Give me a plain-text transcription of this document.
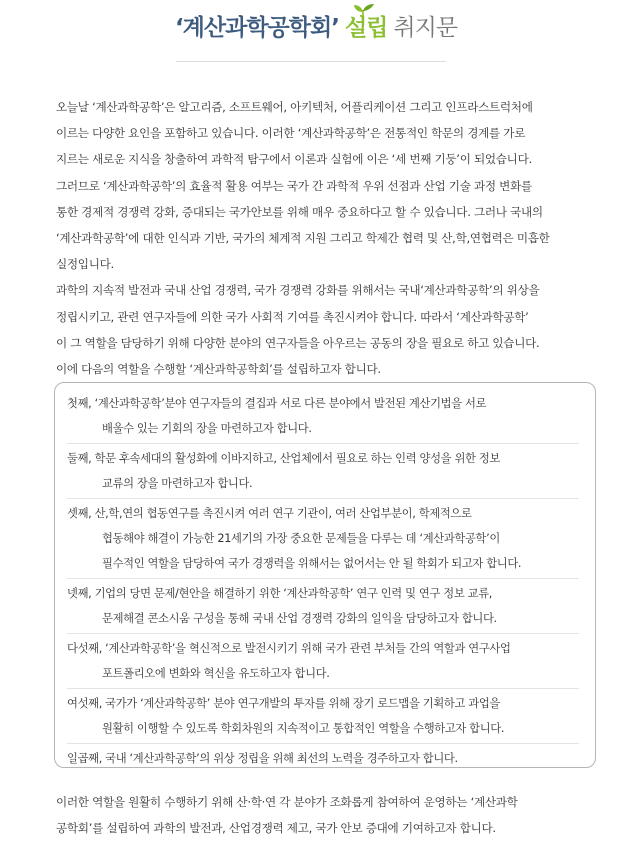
‘계산과학공학회’ 설립 취지문

오늘날 ‘계산과학공학’은 알고리즘, 소프트웨어, 아키텍처, 어플리케이션 그리고 인프라스트럭처에

이르는 다양한 요인을 포함하고 있습니다. 이러한 ‘계산과학공학’은 전통적인 학문의 경계를 가로

지르는 새로운 지식을 창출하여 과학적 탐구에서 이론과 실험에 이은 ‘세 번째 기둥’이 되었습니다.

그러므로 ‘계산과학공학’의 효율적 활용 여부는 국가 간 과학적 우위 선점과 산업 기술 과정 변화를

통한 경제적 경쟁력 강화, 증대되는 국가안보를 위해 매우 중요하다고 할 수 있습니다. 그러나 국내의

‘계산과학공학’에 대한 인식과 기반, 국가의 체계적 지원 그리고 학제간 협력 및 산,학,연협력은 미흡한

실정입니다.

과학의 지속적 발전과 국내 산업 경쟁력, 국가 경쟁력 강화를 위해서는 국내‘계산과학공학’의 위상을

정립시키고, 관련 연구자들에 의한 국가 사회적 기여를 촉진시켜야 합니다. 따라서 ‘계산과학공학’

이 그 역할을 담당하기 위해 다양한 분야의 연구자들을 아우르는 공동의 장을 필요로 하고 있습니다.

이에 다음의 역할을 수행할 ‘계산과학공학회’를 설립하고자 합니다.

첫째, ‘계산과학공학’분야 연구자들의 결집과 서로 다른 분야에서 발전된 계산기법을 서로
배울수 있는 기회의 장을 마련하고자 합니다.
둘째, 학문 후속세대의 활성화에 이바지하고, 산업체에서 필요로 하는 인력 양성을 위한 정보
교류의 장을 마련하고자 합니다.
셋째, 산,학,연의 협동연구를 촉진시켜 여러 연구 기관이, 여러 산업부분이, 학제적으로
협동해야 해결이 가능한 21세기의 가장 중요한 문제들을 다루는 데 ‘계산과학공학’이
필수적인 역할을 담당하여 국가 경쟁력을 위해서는 없어서는 안 될 학회가 되고자 합니다.
넷째, 기업의 당면 문제/현안을 해결하기 위한 ‘계산과학공학’ 연구 인력 및 연구 정보 교류,
문제해결 콘소시움 구성을 통해 국내 산업 경쟁력 강화의 일익을 담당하고자 합니다.
다섯째, ‘계산과학공학’을 혁신적으로 발전시키기 위해 국가 관련 부처들 간의 역할과 연구사업
포트폴리오에 변화와 혁신을 유도하고자 합니다.
여섯째, 국가가 ‘계산과학공학’ 분야 연구개발의 투자를 위해 장기 로드맵을 기획하고 과업을
원활히 이행할 수 있도록 학회차원의 지속적이고 통합적인 역할을 수행하고자 합니다.
일곱째, 국내 ‘계산과학공학’의 위상 정립을 위해 최선의 노력을 경주하고자 합니다.

이러한 역할을 원활히 수행하기 위해 산·학·연 각 분야가 조화롭게 참여하여 운영하는 ‘계산과학

공학회’를 설립하여 과학의 발전과, 산업경쟁력 제고, 국가 안보 증대에 기여하고자 합니다.
